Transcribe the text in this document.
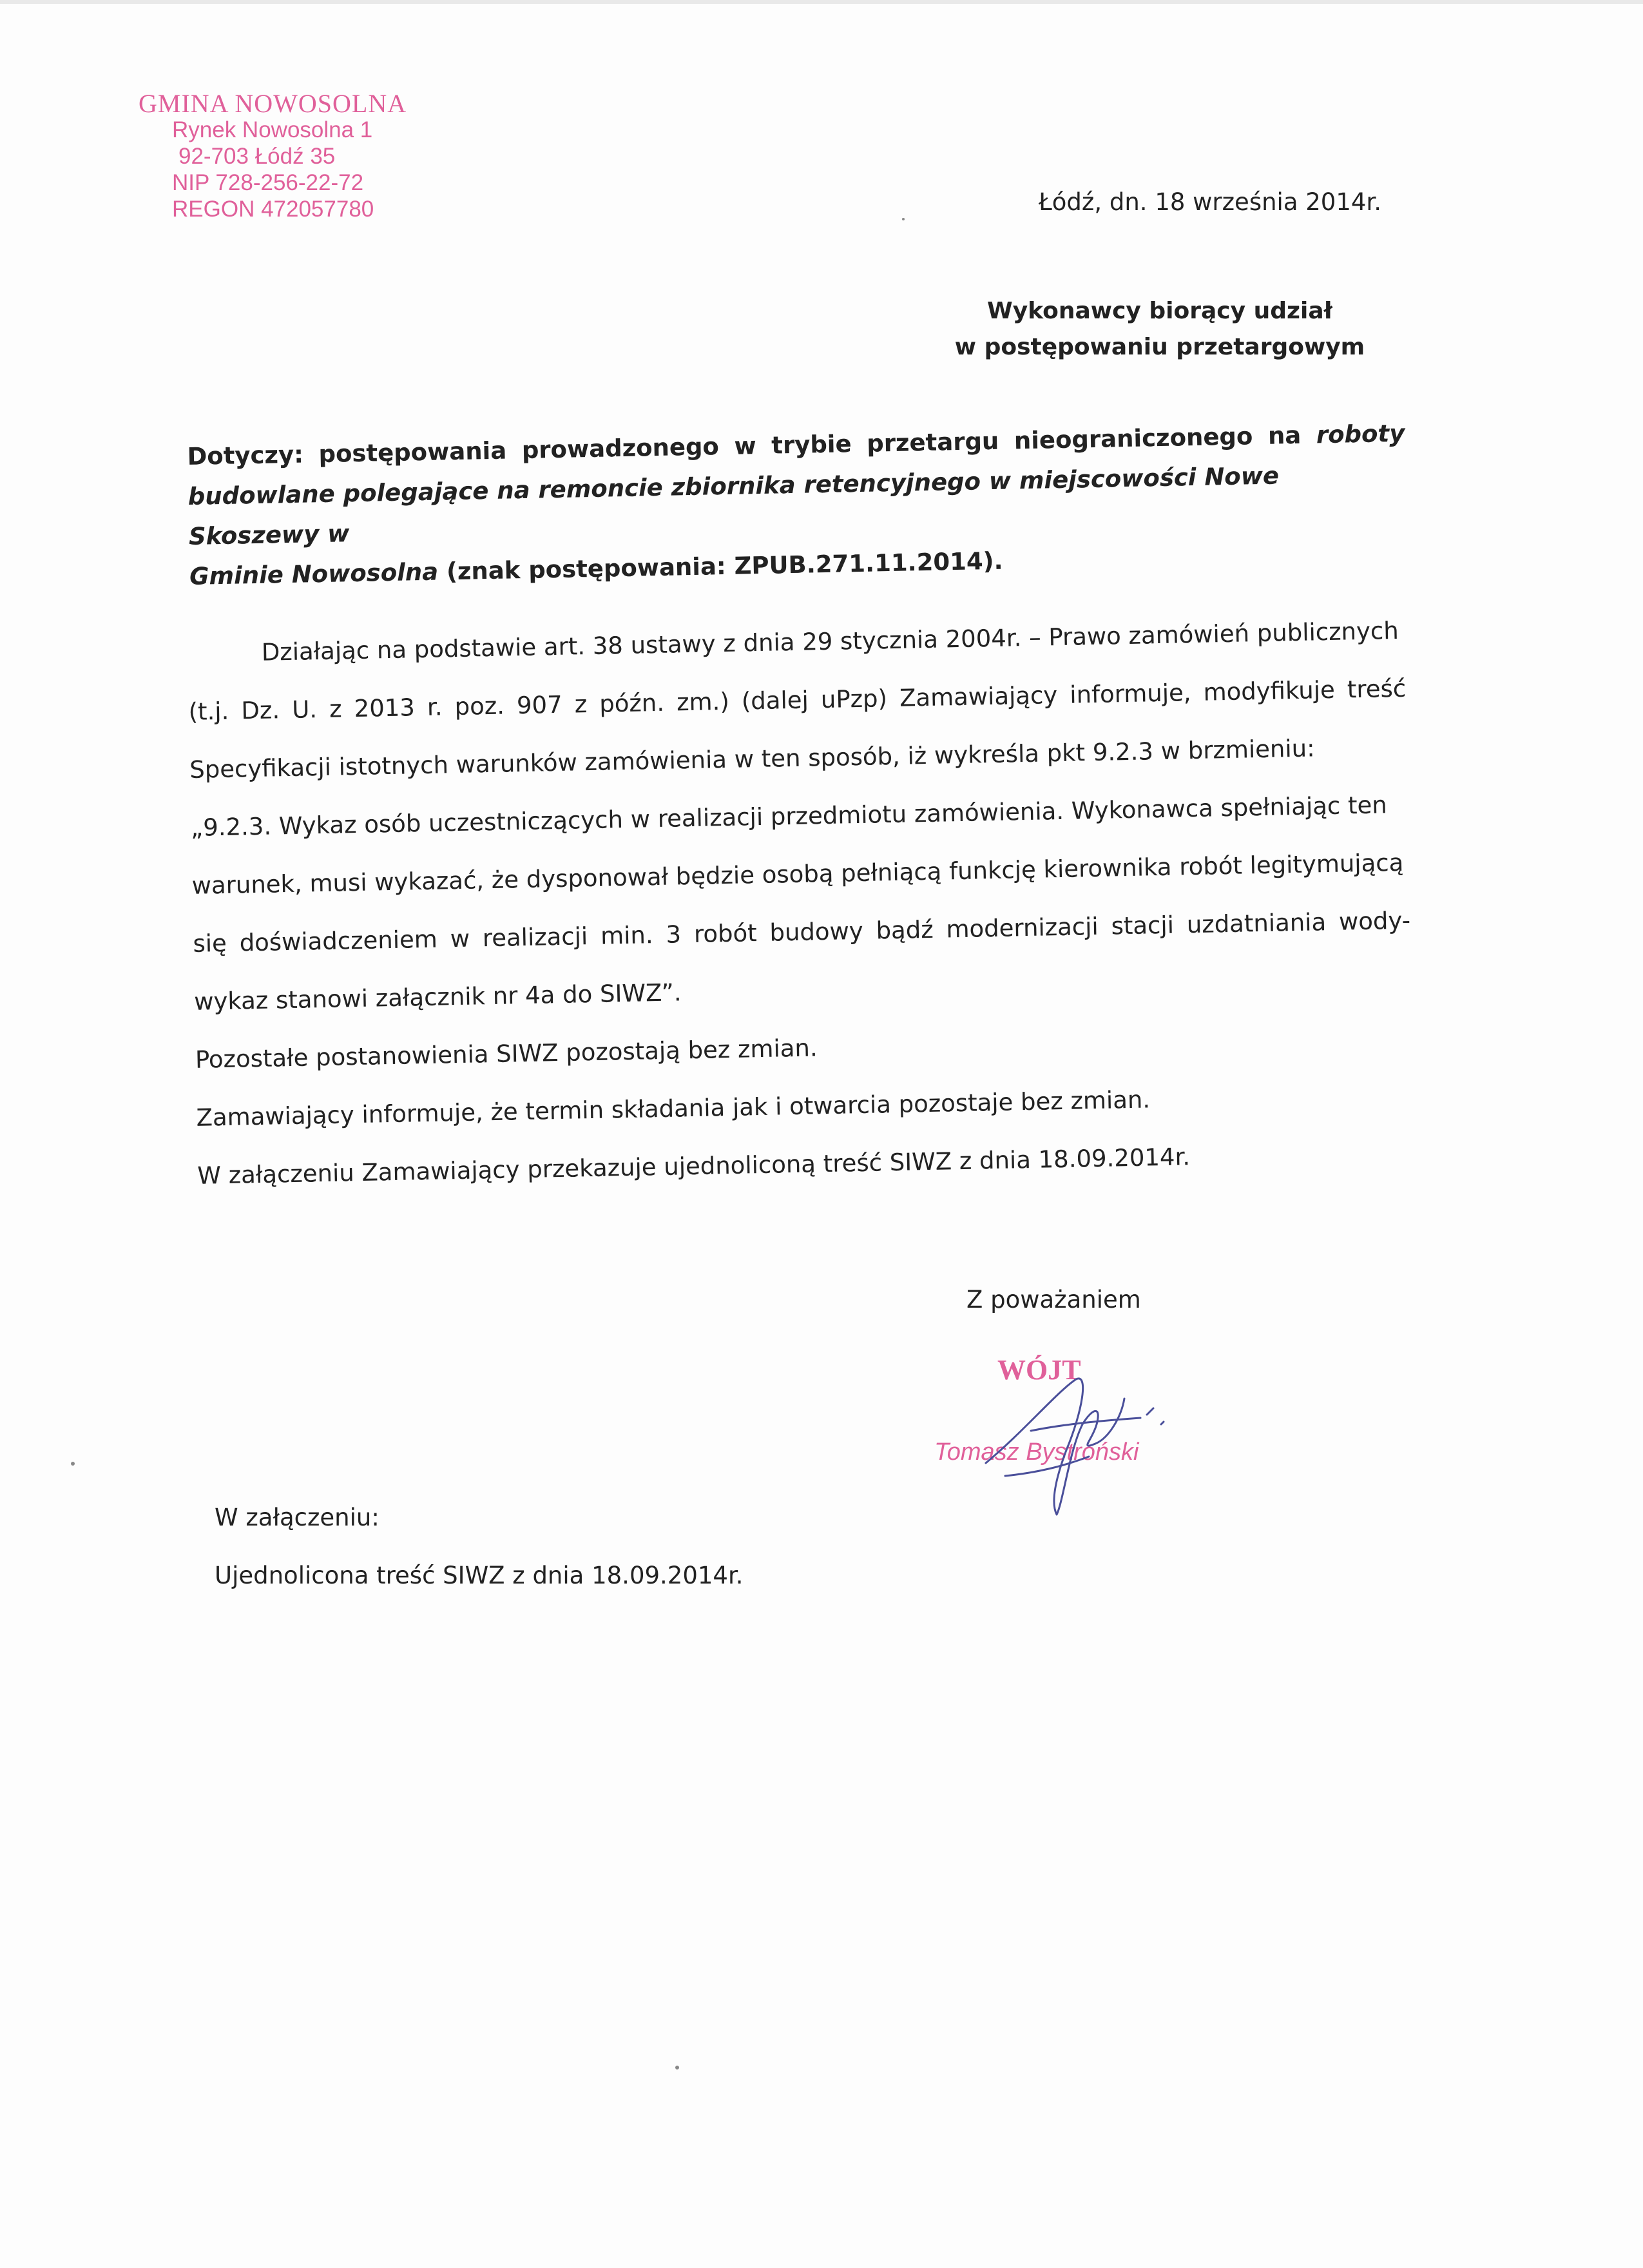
GMINA NOWOSOLNA
Rynek Nowosolna 1
92-703 Łódź 35
NIP 728-256-22-72
REGON 472057780	Łódź, dn. 18 września 2014r.
Wykonawcy biorący udział
w postępowaniu przetargowym
Dotyczy: postępowania prowadzonego w trybie przetargu nieograniczonego na roboty
budowlane polegające na remoncie zbiornika retencyjnego w miejscowości Nowe Skoszewy w
Gminie Nowosolna (znak postępowania: ZPUB.271.11.2014).

Działając na podstawie art. 38 ustawy z dnia 29 stycznia 2004r. – Prawo zamówień publicznych

(t.j. Dz. U. z 2013 r. poz. 907 z późn. zm.) (dalej uPzp) Zamawiający informuje, modyfikuje treść

Specyfikacji istotnych warunków zamówienia w ten sposób, iż wykreśla pkt 9.2.3 w brzmieniu:

„9.2.3. Wykaz osób uczestniczących w realizacji przedmiotu zamówienia. Wykonawca spełniając ten

warunek, musi wykazać, że dysponował będzie osobą pełniącą funkcję kierownika robót legitymującą

się doświadczeniem w realizacji min. 3 robót budowy bądź modernizacji stacji uzdatniania wody-

wykaz stanowi załącznik nr 4a do SIWZ”.

Pozostałe postanowienia SIWZ pozostają bez zmian.

Zamawiający informuje, że termin składania jak i otwarcia pozostaje bez zmian.

W załączeniu Zamawiający przekazuje ujednoliconą treść SIWZ z dnia 18.09.2014r.

Z poważaniem
WÓJT
Tomasz Bystroński
W załączeniu:
Ujednolicona treść SIWZ z dnia 18.09.2014r.
